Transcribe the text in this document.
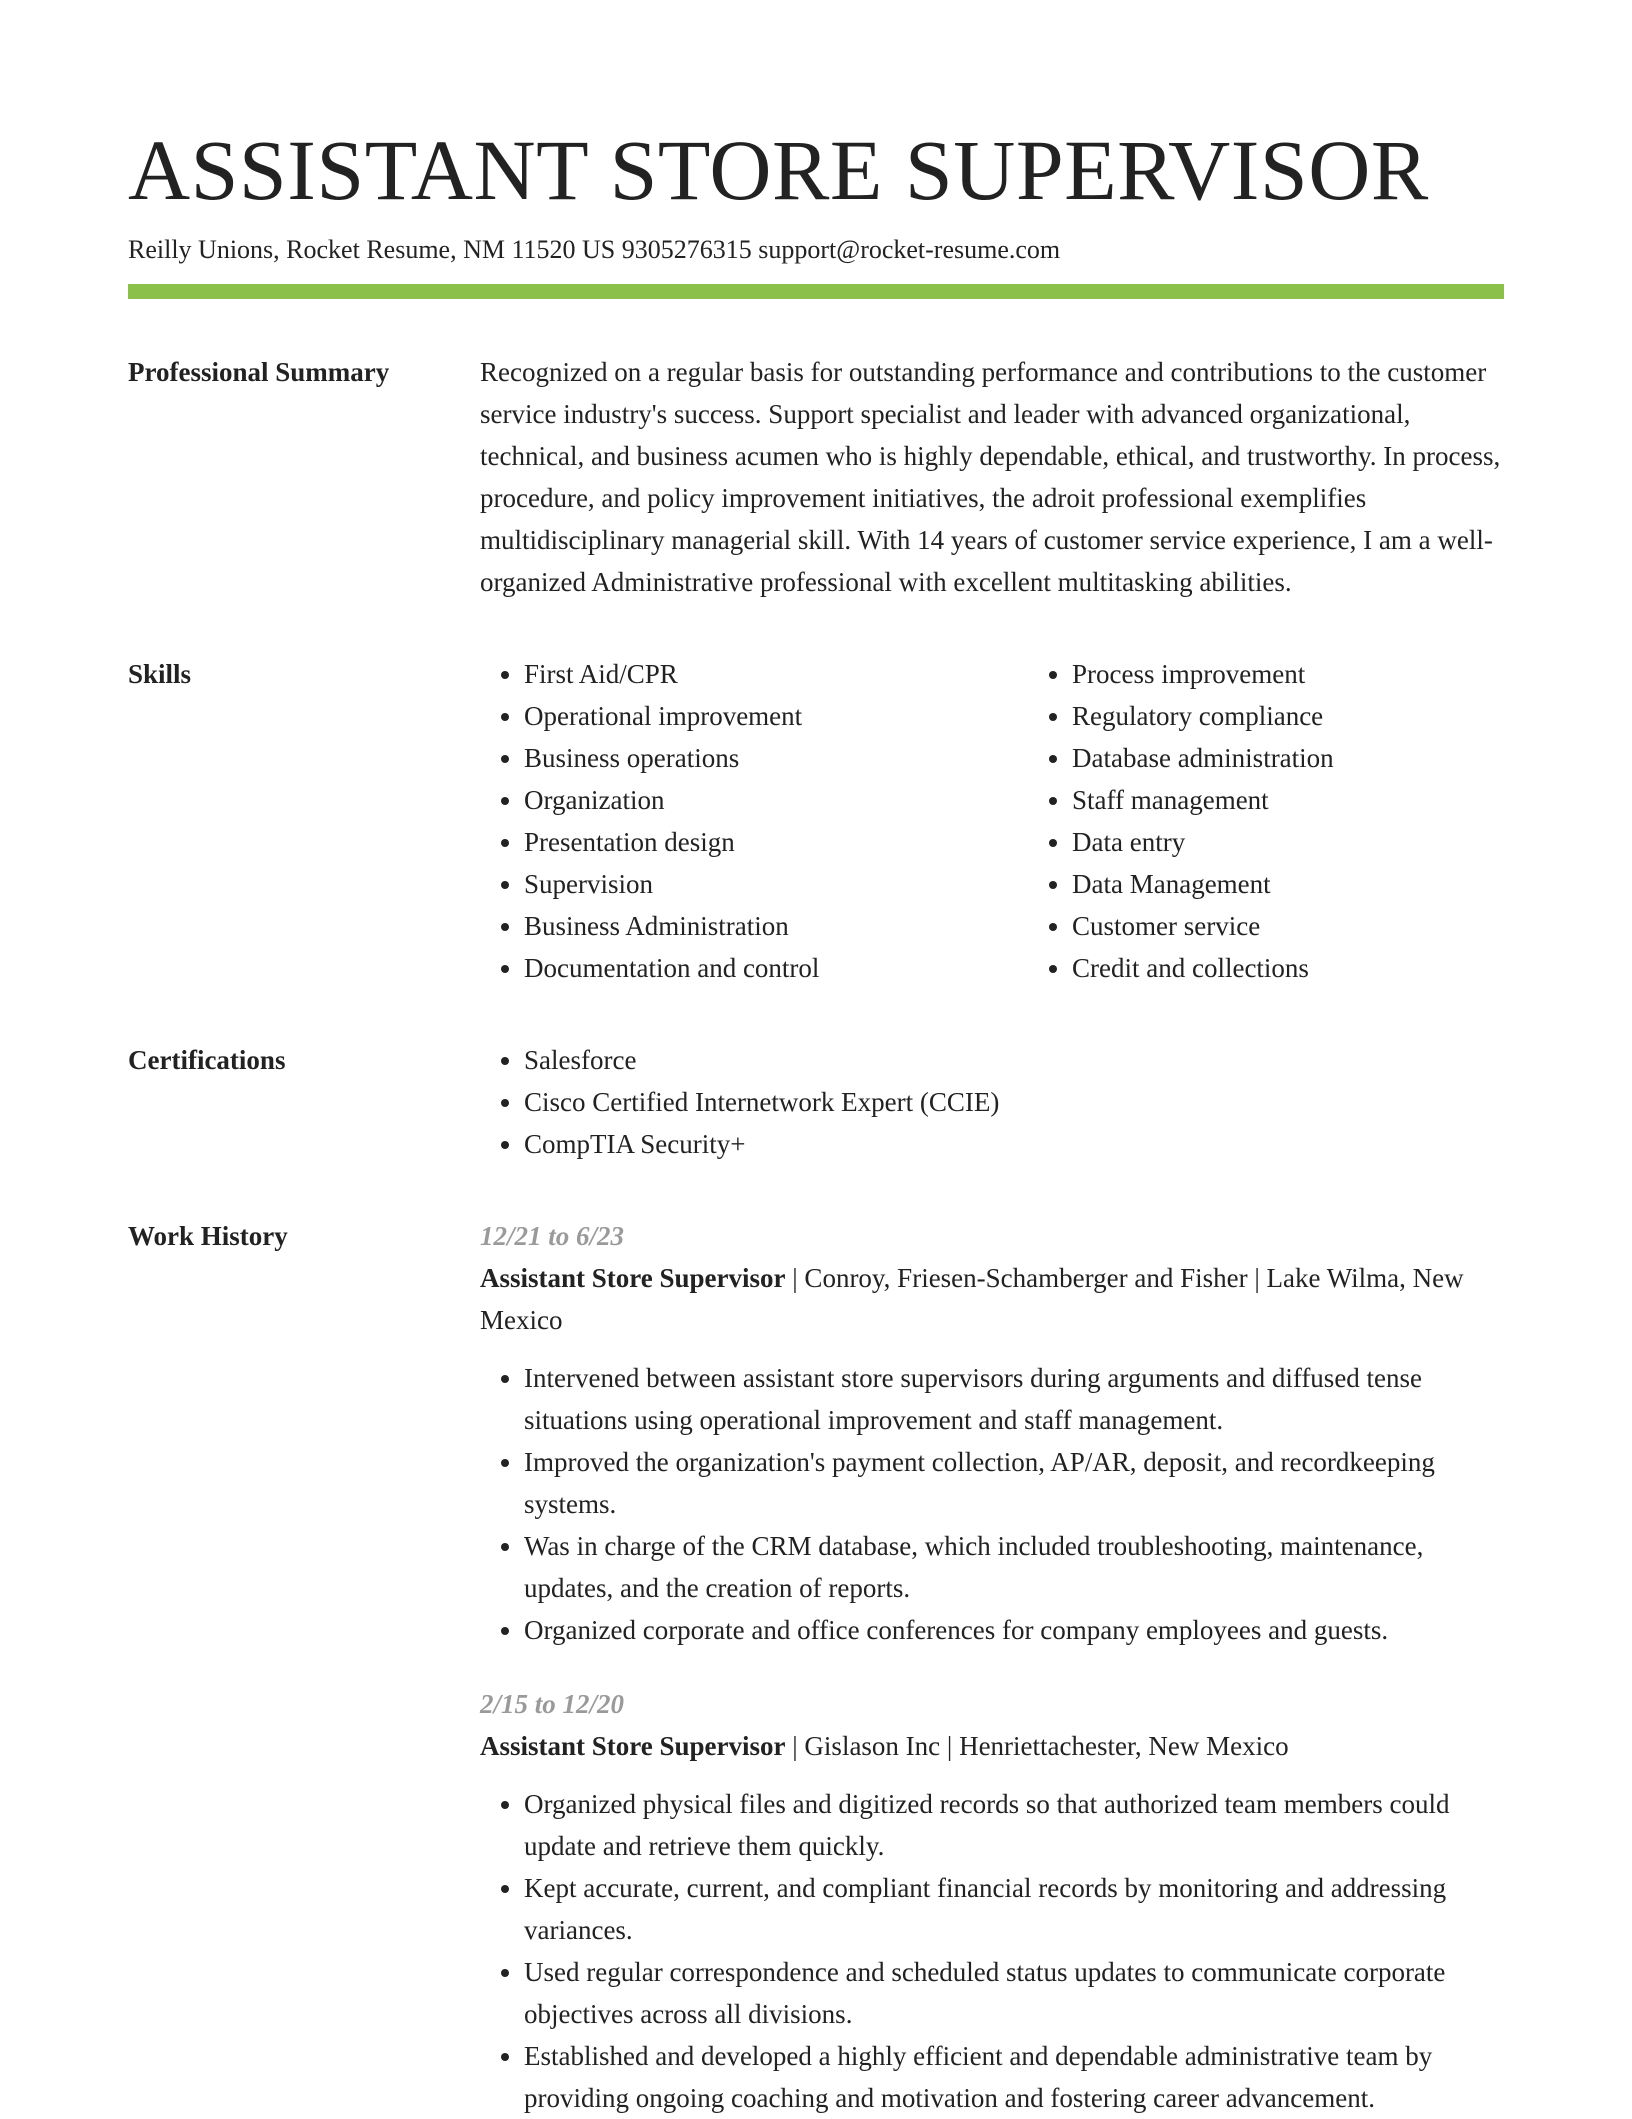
ASSISTANT STORE SUPERVISOR
Reilly Unions, Rocket Resume, NM 11520 US 9305276315 support@rocket-resume.com
Professional Summary	Recognized on a regular basis for outstanding performance and contributions to the customer service industry's success. Support specialist and leader with advanced organizational, technical, and business acumen who is highly dependable, ethical, and trustworthy. In process, procedure, and policy improvement initiatives, the adroit professional exemplifies multidisciplinary managerial skill. With 14 years of customer service experience, I am a well-organized Administrative professional with excellent multitasking abilities.

Skills	• First Aid/CPR
• Operational improvement
• Business operations
• Organization
• Presentation design
• Supervision
• Business Administration
• Documentation and control
• Process improvement
• Regulatory compliance
• Database administration
• Staff management
• Data entry
• Data Management
• Customer service
• Credit and collections
Certifications	• Salesforce
• Cisco Certified Internetwork Expert (CCIE)
• CompTIA Security+
Work History	12/21 to 6/23
Assistant Store Supervisor | Conroy, Friesen-Schamberger and Fisher | Lake Wilma, New Mexico
• Intervened between assistant store supervisors during arguments and diffused tense situations using operational improvement and staff management.
• Improved the organization's payment collection, AP/AR, deposit, and recordkeeping systems.
• Was in charge of the CRM database, which included troubleshooting, maintenance, updates, and the creation of reports.
• Organized corporate and office conferences for company employees and guests.
2/15 to 12/20
Assistant Store Supervisor | Gislason Inc | Henriettachester, New Mexico
• Organized physical files and digitized records so that authorized team members could update and retrieve them quickly.
• Kept accurate, current, and compliant financial records by monitoring and addressing variances.
• Used regular correspondence and scheduled status updates to communicate corporate objectives across all divisions.
• Established and developed a highly efficient and dependable administrative team by providing ongoing coaching and motivation and fostering career advancement.
